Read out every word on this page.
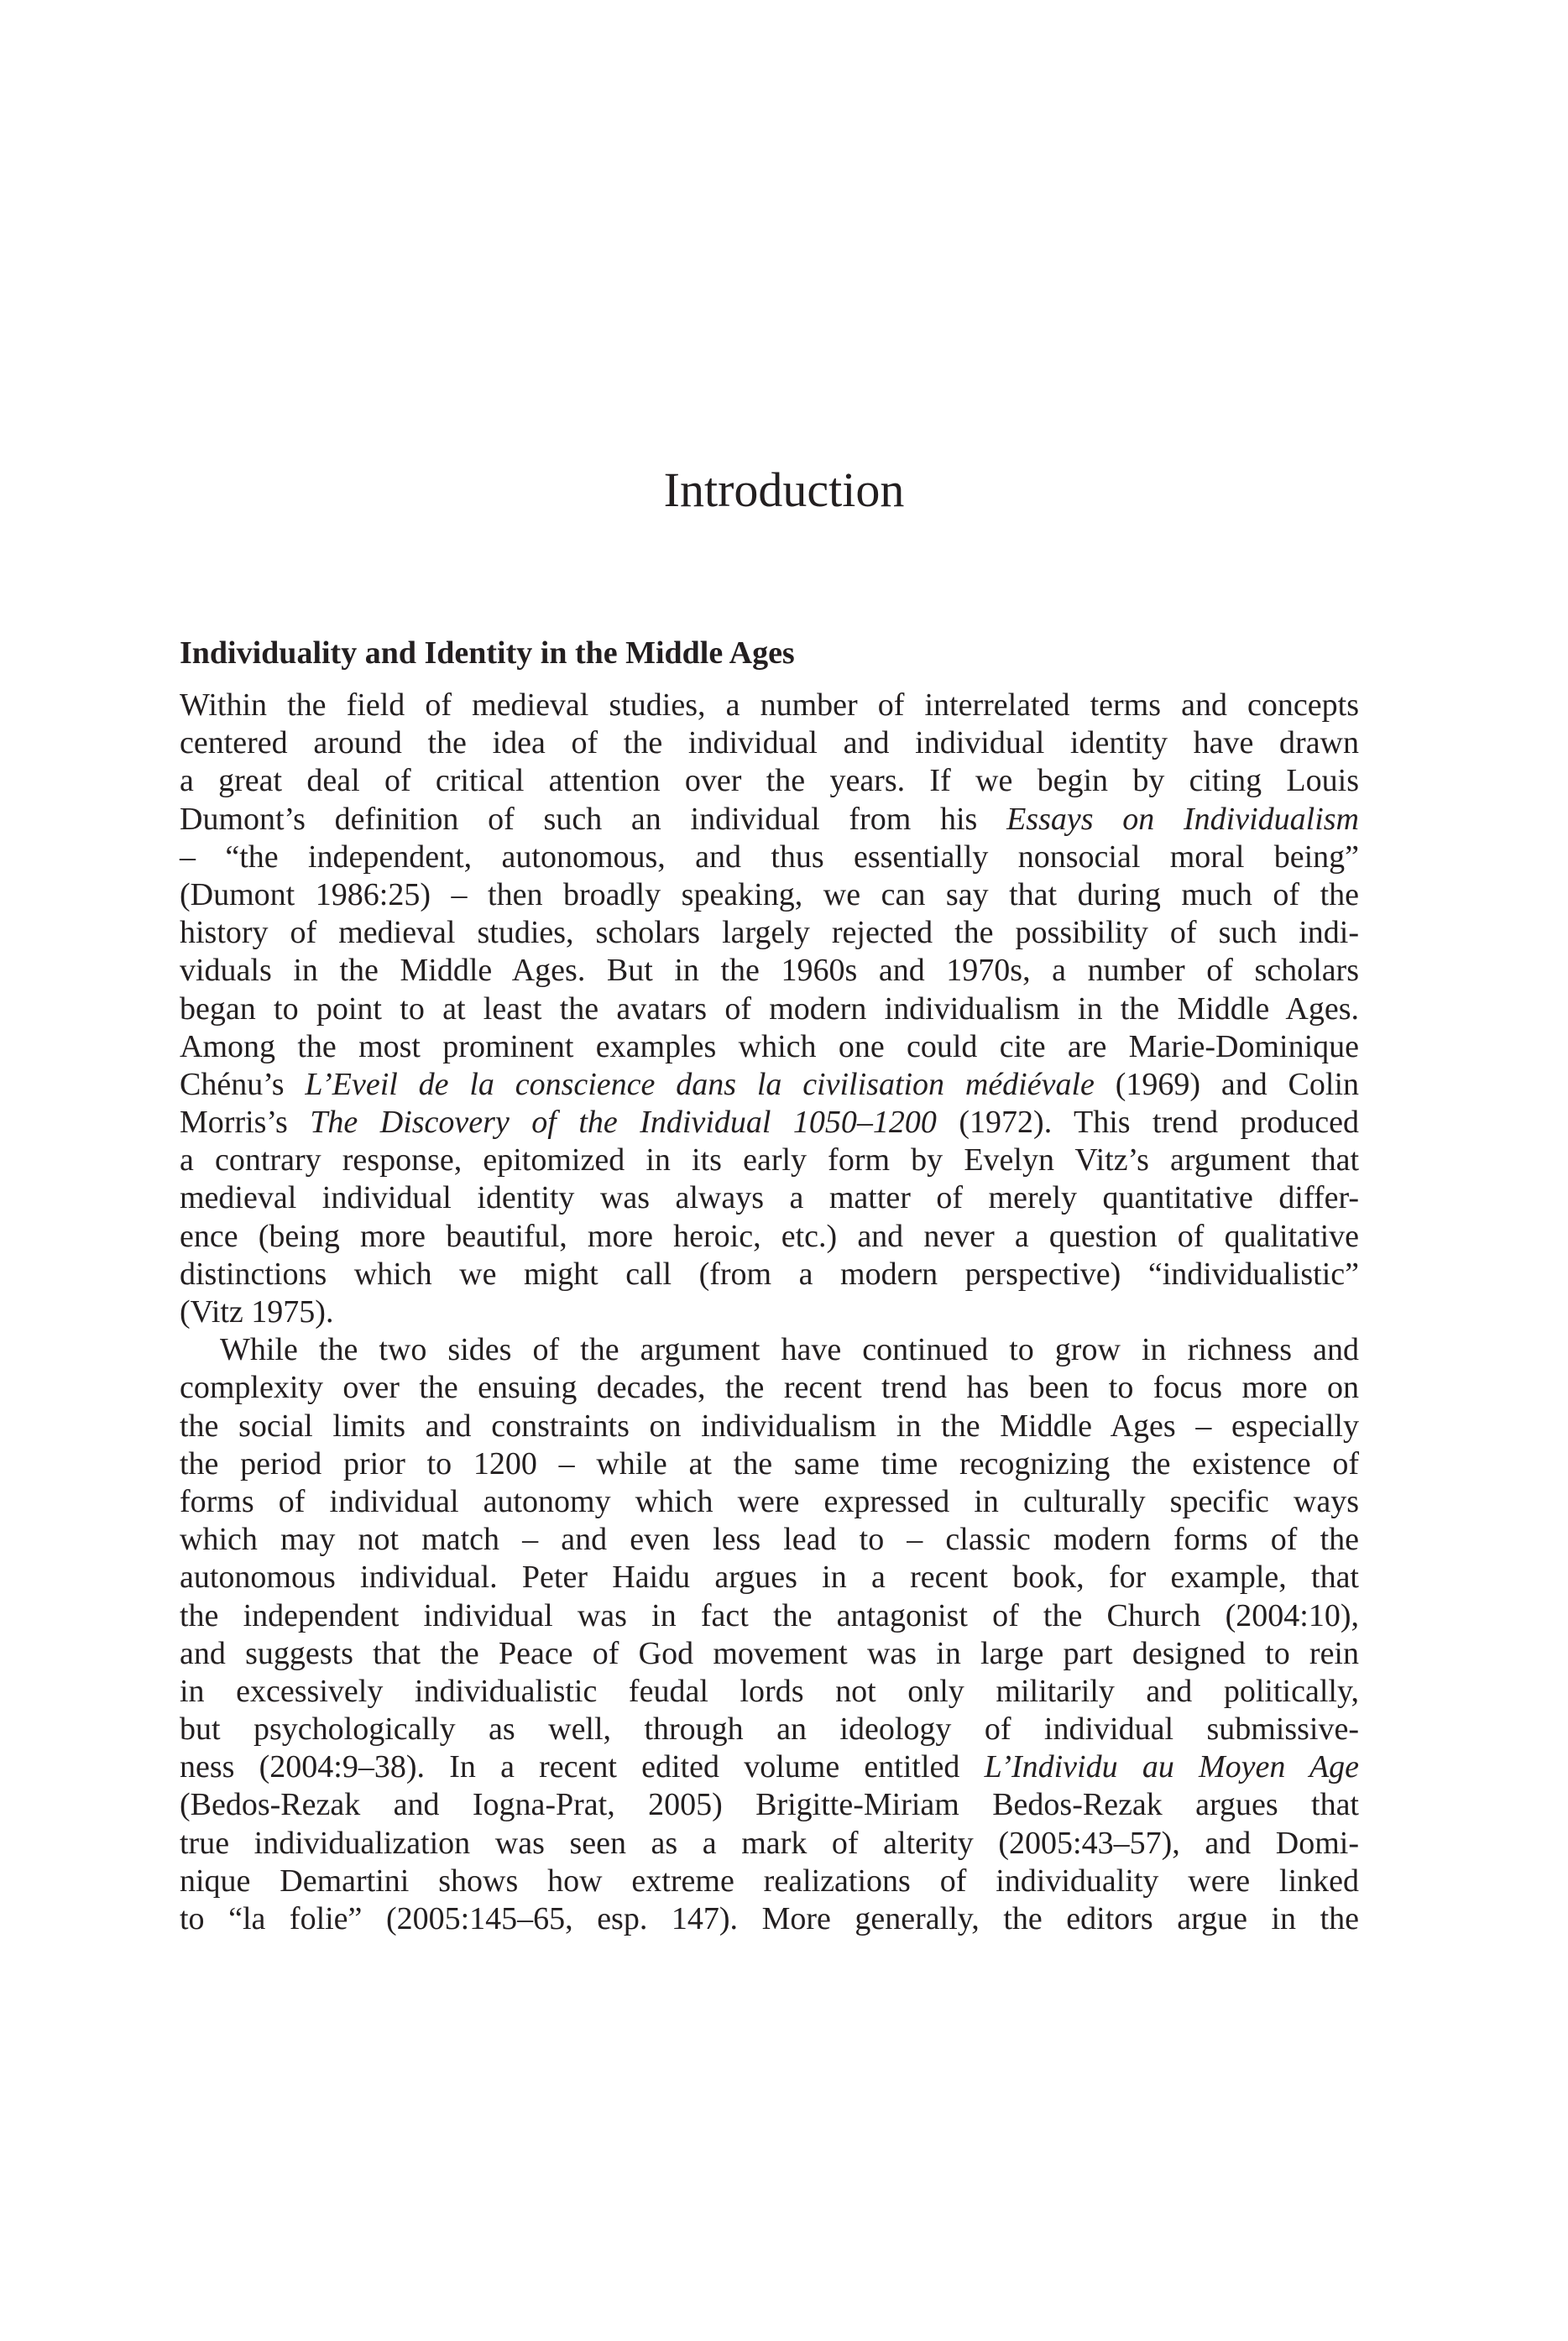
Introduction
Individuality and Identity in the Middle Ages
Within the field of medieval studies, a number of interrelated terms and concepts
centered around the idea of the individual and individual identity have drawn
a great deal of critical attention over the years. If we begin by citing Louis
Dumont’s definition of such an individual from his Essays on Individualism
– “the independent, autonomous, and thus essentially nonsocial moral being”
(Dumont 1986:25) – then broadly speaking, we can say that during much of the
history of medieval studies, scholars largely rejected the possibility of such indi-
viduals in the Middle Ages. But in the 1960s and 1970s, a number of scholars
began to point to at least the avatars of modern individualism in the Middle Ages.
Among the most prominent examples which one could cite are Marie-Dominique
Chénu’s L’Eveil de la conscience dans la civilisation médiévale (1969) and Colin
Morris’s The Discovery of the Individual 1050–1200 (1972). This trend produced
a contrary response, epitomized in its early form by Evelyn Vitz’s argument that
medieval individual identity was always a matter of merely quantitative differ-
ence (being more beautiful, more heroic, etc.) and never a question of qualitative
distinctions which we might call (from a modern perspective) “individualistic”
(Vitz 1975).
While the two sides of the argument have continued to grow in richness and
complexity over the ensuing decades, the recent trend has been to focus more on
the social limits and constraints on individualism in the Middle Ages – especially
the period prior to 1200 – while at the same time recognizing the existence of
forms of individual autonomy which were expressed in culturally specific ways
which may not match – and even less lead to – classic modern forms of the
autonomous individual. Peter Haidu argues in a recent book, for example, that
the independent individual was in fact the antagonist of the Church (2004:10),
and suggests that the Peace of God movement was in large part designed to rein
in excessively individualistic feudal lords not only militarily and politically,
but psychologically as well, through an ideology of individual submissive-
ness (2004:9–38). In a recent edited volume entitled L’Individu au Moyen Age
(Bedos-Rezak and Iogna-Prat, 2005) Brigitte-Miriam Bedos-Rezak argues that
true individualization was seen as a mark of alterity (2005:43–57), and Domi-
nique Demartini shows how extreme realizations of individuality were linked
to “la folie” (2005:145–65, esp. 147). More generally, the editors argue in the
